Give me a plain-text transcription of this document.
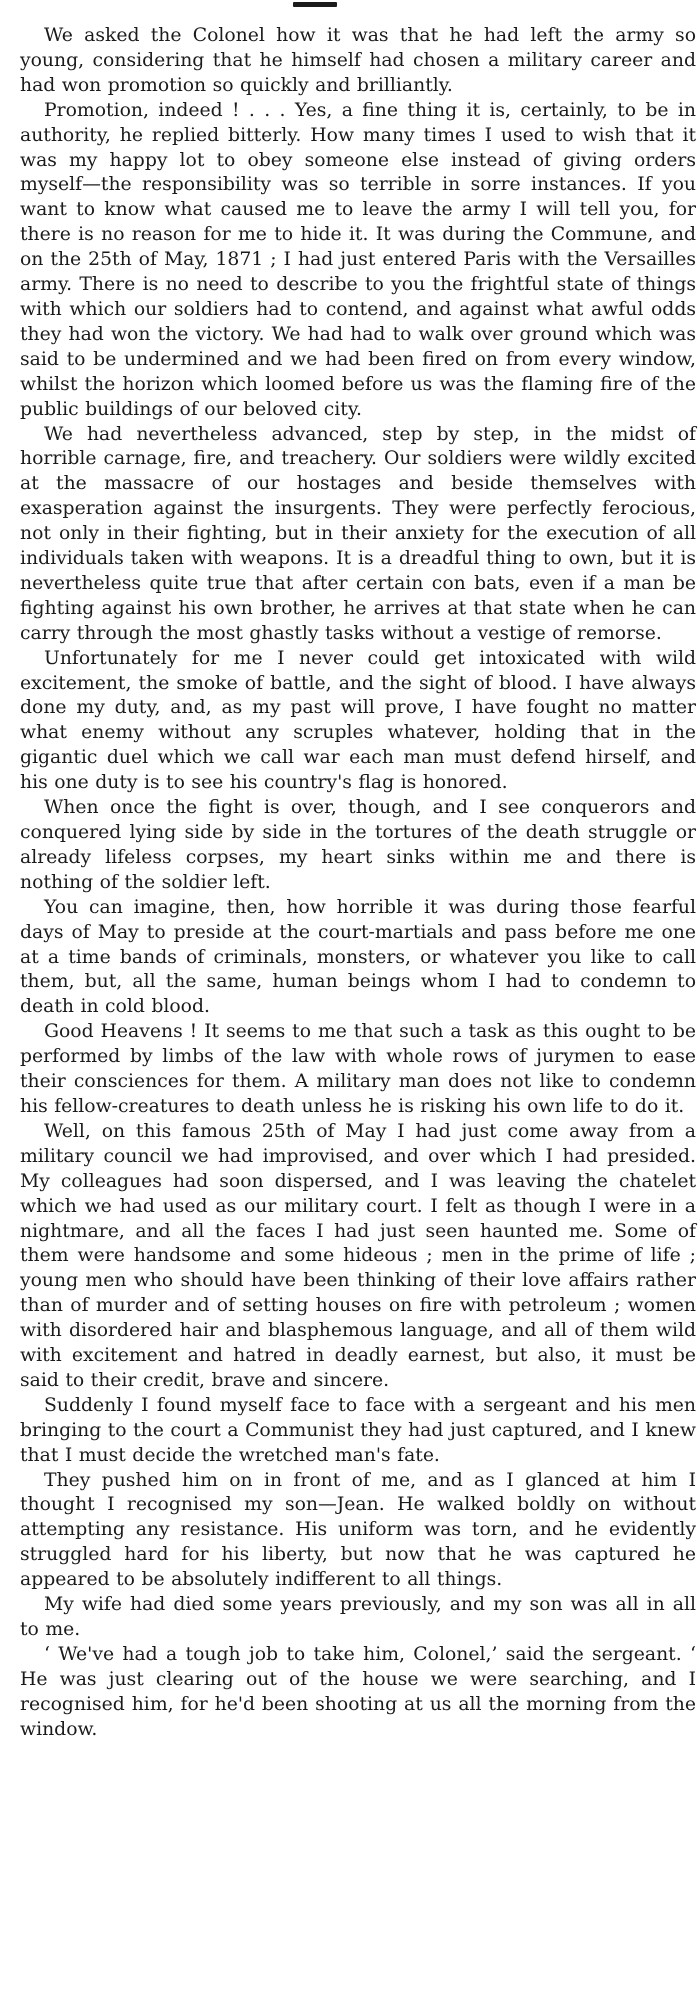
We asked the Colonel how it was that he had left the army so young, considering that he himself had chosen a military career and had won promotion so quickly and brilliantly.

Promotion, indeed ! . . . Yes, a fine thing it is, certainly, to be in authority, he replied bitterly. How many times I used to wish that it was my happy lot to obey someone else instead of giving orders myself—the responsibility was so terrible in sorre instances. If you want to know what caused me to leave the army I will tell you, for there is no reason for me to hide it. It was during the Commune, and on the 25th of May, 1871 ; I had just entered Paris with the Versailles army. There is no need to describe to you the frightful state of things with which our soldiers had to contend, and against what awful odds they had won the victory. We had had to walk over ground which was said to be undermined and we had been fired on from every window, whilst the horizon which loomed before us was the flaming fire of the public buildings of our beloved city.

We had nevertheless advanced, step by step, in the midst of horrible carnage, fire, and treachery. Our soldiers were wildly excited at the massacre of our hostages and beside themselves with exasperation against the insurgents. They were perfectly ferocious, not only in their fighting, but in their anxiety for the execution of all individuals taken with weapons. It is a dreadful thing to own, but it is nevertheless quite true that after certain con bats, even if a man be fighting against his own brother, he arrives at that state when he can carry through the most ghastly tasks without a vestige of remorse.

Unfortunately for me I never could get intoxicated with wild excitement, the smoke of battle, and the sight of blood. I have always done my duty, and, as my past will prove, I have fought no matter what enemy without any scruples whatever, holding that in the gigantic duel which we call war each man must defend hirself, and his one duty is to see his country's flag is honored.

When once the fight is over, though, and I see conquerors and conquered lying side by side in the tortures of the death struggle or already lifeless corpses, my heart sinks within me and there is nothing of the soldier left.

You can imagine, then, how horrible it was during those fearful days of May to preside at the court-martials and pass before me one at a time bands of criminals, monsters, or whatever you like to call them, but, all the same, human beings whom I had to condemn to death in cold blood.

Good Heavens ! It seems to me that such a task as this ought to be performed by limbs of the law with whole rows of jurymen to ease their consciences for them. A military man does not like to condemn his fellow-creatures to death unless he is risking his own life to do it.

Well, on this famous 25th of May I had just come away from a military council we had improvised, and over which I had presided. My colleagues had soon dispersed, and I was leaving the chatelet which we had used as our military court. I felt as though I were in a nightmare, and all the faces I had just seen haunted me. Some of them were handsome and some hideous ; men in the prime of life ; young men who should have been thinking of their love affairs rather than of murder and of setting houses on fire with petroleum ; women with disordered hair and blasphemous language, and all of them wild with excitement and hatred in deadly earnest, but also, it must be said to their credit, brave and sincere.

Suddenly I found myself face to face with a sergeant and his men bringing to the court a Communist they had just captured, and I knew that I must decide the wretched man's fate.

They pushed him on in front of me, and as I glanced at him I thought I recognised my son—Jean. He walked boldly on without attempting any resistance. His uniform was torn, and he evidently struggled hard for his liberty, but now that he was captured he appeared to be absolutely indifferent to all things.

My wife had died some years previously, and my son was all in all to me.

‘ We've had a tough job to take him, Colonel,’ said the sergeant. ‘ He was just clearing out of the house we were searching, and I recognised him, for he'd been shooting at us all the morning from the window.
